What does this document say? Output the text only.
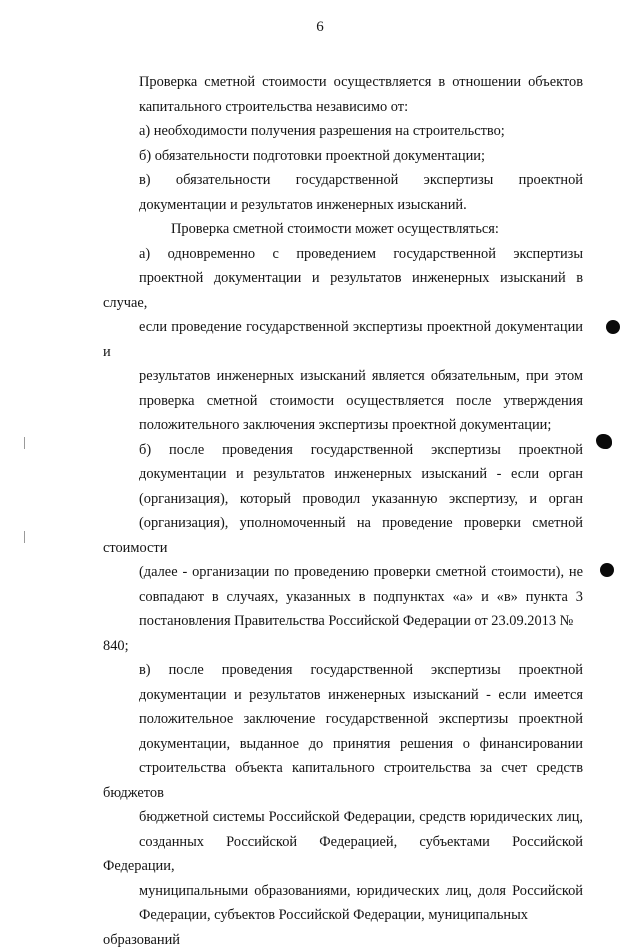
6
Проверка сметной стоимости осуществляется в отношении объектов
капитального строительства независимо от:
а) необходимости получения разрешения на строительство;
б) обязательности подготовки проектной документации;
в) обязательности государственной экспертизы проектной
документации и результатов инженерных изысканий.
Проверка сметной стоимости может осуществляться:
а) одновременно с проведением государственной экспертизы
проектной документации и результатов инженерных изысканий в случае,
если проведение государственной экспертизы проектной документации и
результатов инженерных изысканий является обязательным, при этом
проверка сметной стоимости осуществляется после утверждения
положительного заключения экспертизы проектной документации;
б) после проведения государственной экспертизы проектной
документации и результатов инженерных изысканий - если орган
(организация), который проводил указанную экспертизу, и орган
(организация), уполномоченный на проведение проверки сметной стоимости
(далее - организации по проведению проверки сметной стоимости), не
совпадают в случаях, указанных в подпунктах «а» и «в» пункта 3
постановления Правительства Российской Федерации от 23.09.2013 № 840;
в) после проведения государственной экспертизы проектной
документации и результатов инженерных изысканий - если имеется
положительное заключение государственной экспертизы проектной
документации, выданное до принятия решения о финансировании
строительства объекта капитального строительства за счет средств бюджетов
бюджетной системы Российской Федерации, средств юридических лиц,
созданных Российской Федерацией, субъектами Российской Федерации,
муниципальными образованиями, юридических лиц, доля Российской
Федерации, субъектов Российской Федерации, муниципальных образований
